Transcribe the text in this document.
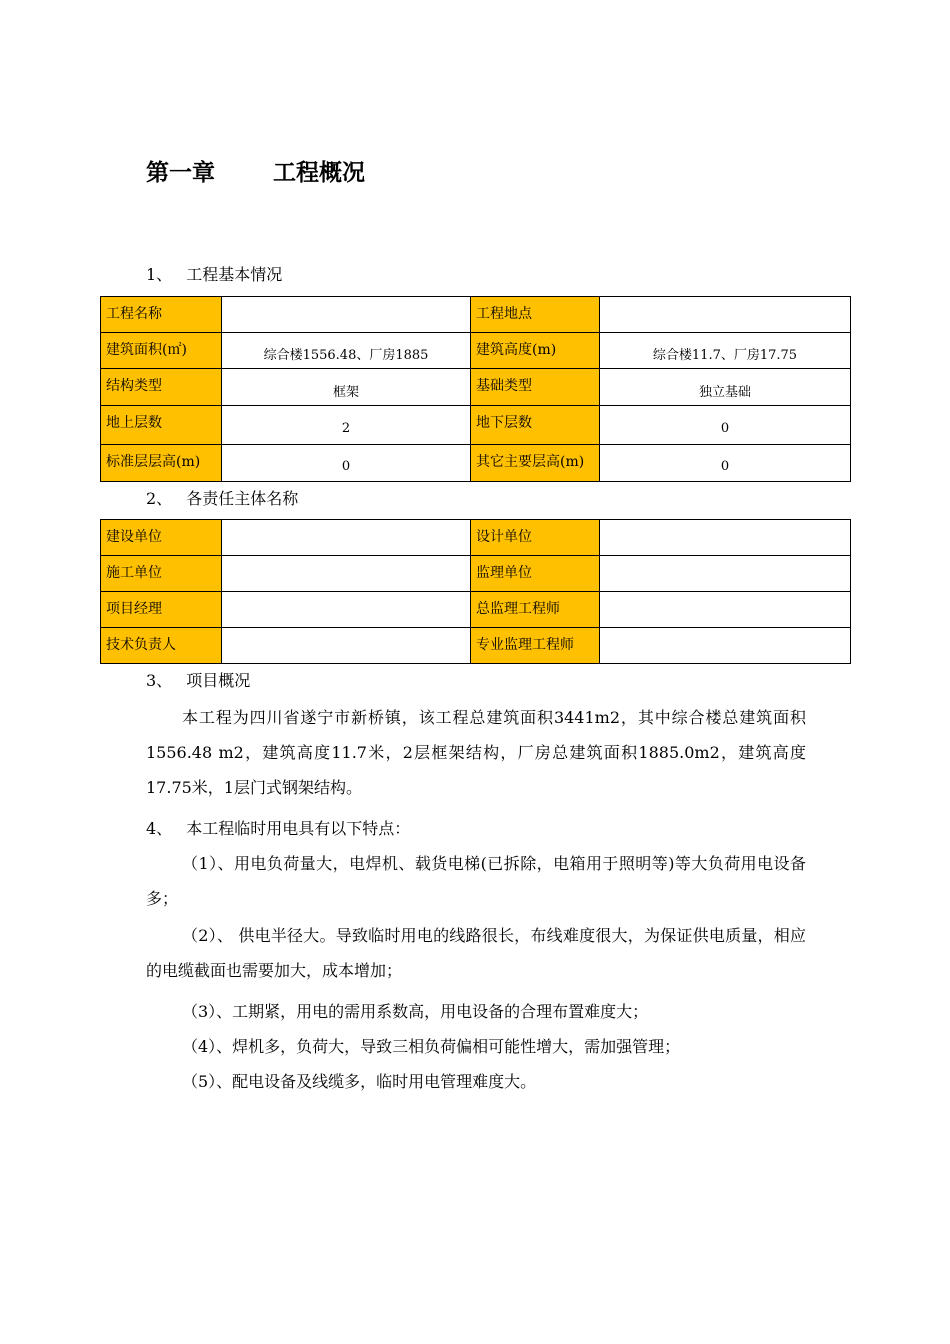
第一章	工程概况
1、 工程基本情况
工程名称		工程地点	
建筑面积(㎡)	综合楼1556.48、厂房1885	建筑高度(m)	综合楼11.7、厂房17.75
结构类型	框架	基础类型	独立基础
地上层数	2	地下层数	0
标准层层高(m)	0	其它主要层高(m)	0
2、 各责任主体名称
建设单位		设计单位	
施工单位		监理单位	
项目经理		总监理工程师	
技术负责人		专业监理工程师	
3、 项目概况

本工程为四川省遂宁市新桥镇，该工程总建筑面积3441m2，其中综合楼总建筑面积1556.48 m2，建筑高度11.7米，2层框架结构，厂房总建筑面积1885.0m2，建筑高度17.75米，1层门式钢架结构。

4、 本工程临时用电具有以下特点：

（1）、用电负荷量大，电焊机、载货电梯(已拆除，电箱用于照明等)等大负荷用电设备多；

（2）、 供电半径大。导致临时用电的线路很长，布线难度很大，为保证供电质量，相应的电缆截面也需要加大，成本增加；

（3）、工期紧，用电的需用系数高，用电设备的合理布置难度大；

（4）、焊机多，负荷大，导致三相负荷偏相可能性增大，需加强管理；

（5）、配电设备及线缆多，临时用电管理难度大。
